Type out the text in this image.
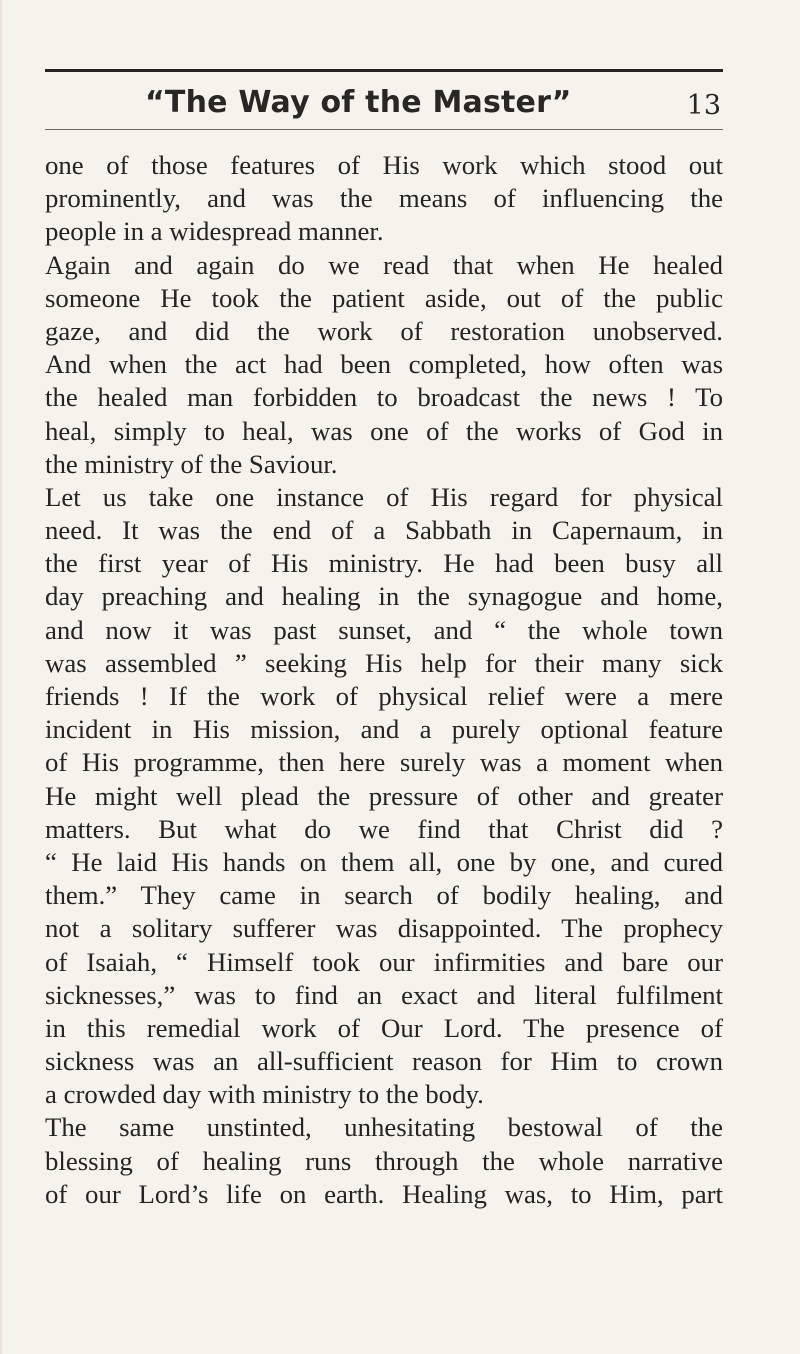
“The Way of the Master”	13
one of those features of His work which stood out
prominently, and was the means of influencing the
people in a widespread manner.
Again and again do we read that when He healed
someone He took the patient aside, out of the public
gaze, and did the work of restoration unobserved.
And when the act had been completed, how often was
the healed man forbidden to broadcast the news ! To
heal, simply to heal, was one of the works of God in
the ministry of the Saviour.
Let us take one instance of His regard for physical
need. It was the end of a Sabbath in Capernaum, in
the first year of His ministry. He had been busy all
day preaching and healing in the synagogue and home,
and now it was past sunset, and “ the whole town
was assembled ” seeking His help for their many sick
friends ! If the work of physical relief were a mere
incident in His mission, and a purely optional feature
of His programme, then here surely was a moment when
He might well plead the pressure of other and greater
matters. But what do we find that Christ did ?
“ He laid His hands on them all, one by one, and cured
them.” They came in search of bodily healing, and
not a solitary sufferer was disappointed. The prophecy
of Isaiah, “ Himself took our infirmities and bare our
sicknesses,” was to find an exact and literal fulfilment
in this remedial work of Our Lord. The presence of
sickness was an all-sufficient reason for Him to crown
a crowded day with ministry to the body.
The same unstinted, unhesitating bestowal of the
blessing of healing runs through the whole narrative
of our Lord’s life on earth. Healing was, to Him, part
